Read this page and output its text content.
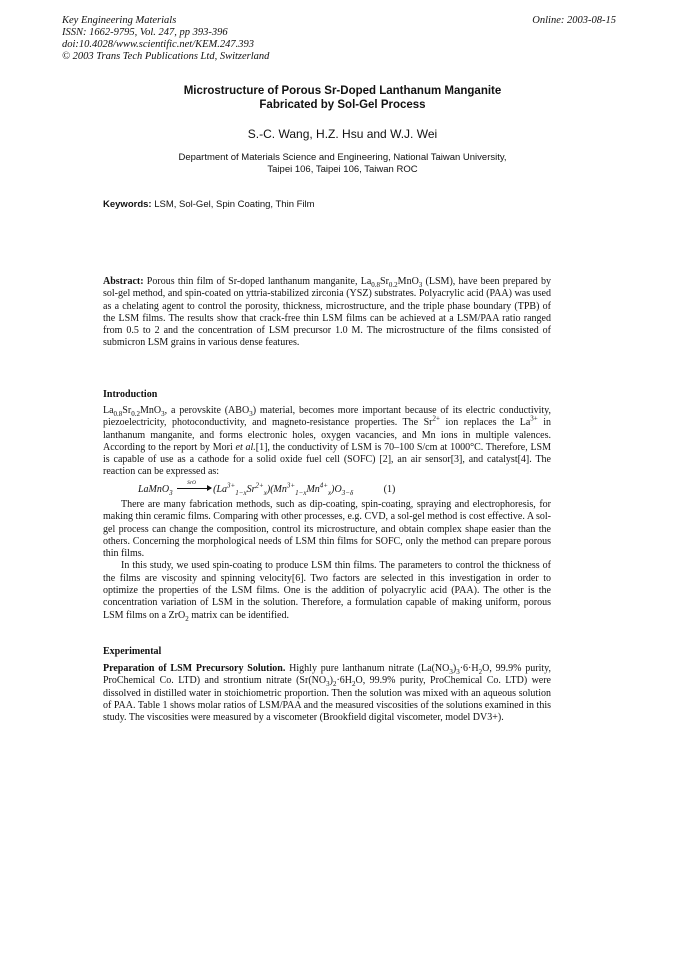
Key Engineering Materials
ISSN: 1662-9795, Vol. 247, pp 393-396
doi:10.4028/www.scientific.net/KEM.247.393
© 2003 Trans Tech Publications Ltd, Switzerland
Online: 2003-08-15
Microstructure of Porous Sr-Doped Lanthanum Manganite
Fabricated by Sol-Gel Process
S.-C. Wang, H.Z. Hsu and W.J. Wei
Department of Materials Science and Engineering, National Taiwan University,
Taipei 106, Taipei 106, Taiwan ROC
Keywords: LSM, Sol-Gel, Spin Coating, Thin Film

Abstract: Porous thin film of Sr-doped lanthanum manganite, $La_{0.8}Sr_{0.2}MnO_3$ (LSM), have been prepared by sol-gel method, and spin-coated on yttria-stabilized zirconia (YSZ) substrates. Polyacrylic acid (PAA) was used as a chelating agent to control the porosity, thickness, microstructure, and the triple phase boundary (TPB) of the LSM films. The results show that crack-free thin LSM films can be achieved at a LSM/PAA ratio ranged from 0.5 to 2 and the concentration of LSM precursor 1.0 M. The microstructure of the films consisted of submicron LSM grains in various dense features.

Introduction

$La_{0.8}Sr_{0.2}MnO_3$, a perovskite $(ABO_3)$ material, becomes more important because of its electric conductivity, piezoelectricity, photoconductivity, and magneto-resistance properties. The $Sr^{2+}$ ion replaces the $La^{3+}$ in lanthanum manganite, and forms electronic holes, oxygen vacancies, and Mn ions in multiple valences. According to the report by Mori et al.[1], the conductivity of LSM is 70–100 S/cm at 1000°C. Therefore, LSM is capable of use as a cathode for a solid oxide fuel cell (SOFC) [2], an air sensor[3], and catalyst[4]. The reaction can be expressed as:

LaMnO$_3$
SrO
$(La^{3+}_{1-x}Sr^{2+}_x)(Mn^{3+}_{1-x}Mn^{4+}_x)O_{3-\delta}$	(1)

There are many fabrication methods, such as dip-coating, spin-coating, spraying and electrophoresis, for making thin ceramic films. Comparing with other processes, e.g. CVD, a sol-gel method is cost effective. A sol-gel process can change the composition, control its microstructure, and obtain complex shape easier than the others. Concerning the morphological needs of LSM thin films for SOFC, only the method can prepare porous thin films.

In this study, we used spin-coating to produce LSM thin films. The parameters to control the thickness of the films are viscosity and spinning velocity[6]. Two factors are selected in this investigation in order to optimize the properties of the LSM films. One is the addition of polyacrylic acid (PAA). The other is the concentration variation of LSM in the solution. Therefore, a formulation capable of making uniform, porous LSM films on a ZrO$_2$ matrix can be identified.

Experimental

Preparation of LSM Precursory Solution. Highly pure lanthanum nitrate ($La(NO_3)_3\cdot 6\cdot H_2O$, 99.9% purity, ProChemical Co. LTD) and strontium nitrate ($Sr(NO_3)_2\cdot 6H_2O$, 99.9% purity, ProChemical Co. LTD) were dissolved in distilled water in stoichiometric proportion. Then the solution was mixed with an aqueous solution of PAA. Table 1 shows molar ratios of LSM/PAA and the measured viscosities of the solutions examined in this study. The viscosities were measured by a viscometer (Brookfield digital viscometer, model DV3+).
